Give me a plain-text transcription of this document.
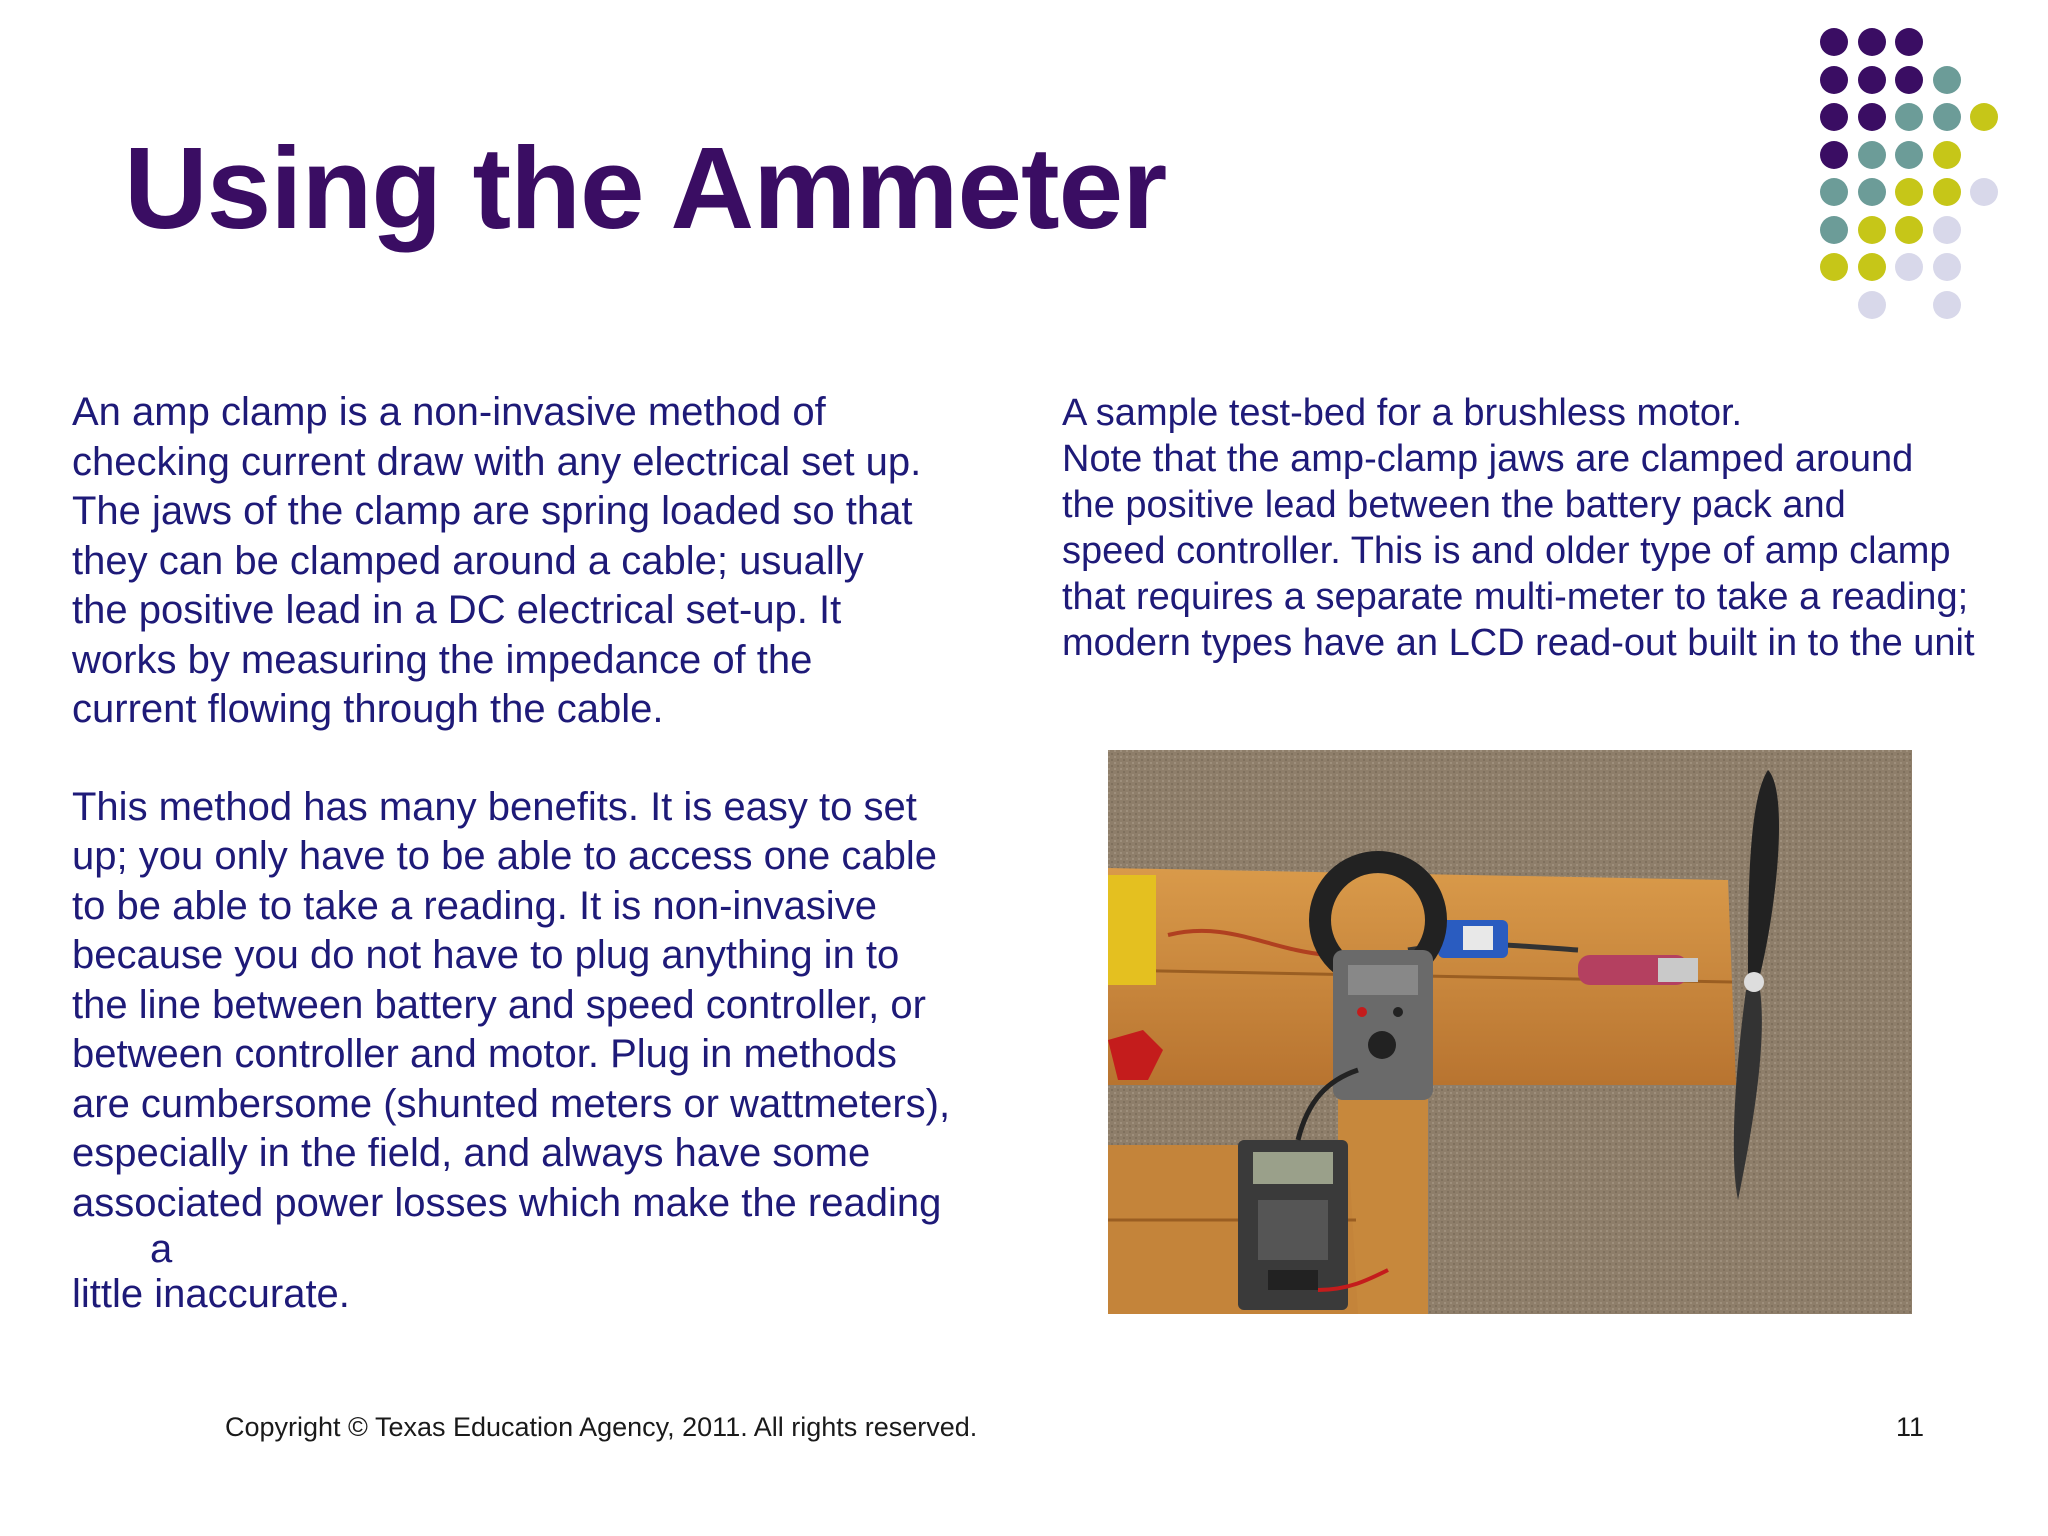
Using the Ammeter

An amp clamp is a non-invasive method of

checking current draw with any electrical set up.

The jaws of the clamp are spring loaded so that

they can be clamped around a cable; usually

the positive lead in a DC electrical set-up. It

works by measuring the impedance of the

current flowing through the cable.

This method has many benefits. It is easy to set

up; you only have to be able to access one cable

to be able to take a reading. It is non-invasive

because you do not have to plug anything in to

the line between battery and speed controller, or

between controller and motor. Plug in methods

are cumbersome (shunted meters or wattmeters),

especially in the field, and always have some

associated power losses which make the reading

a

little inaccurate.

A sample test-bed for a brushless motor.

Note that the amp-clamp jaws are clamped around

the positive lead between the battery pack and

speed controller. This is and older type of amp clamp

that requires a separate multi-meter to take a reading;

modern types have an LCD read-out built in to the unit

Copyright © Texas Education Agency, 2011. All rights reserved.	11
